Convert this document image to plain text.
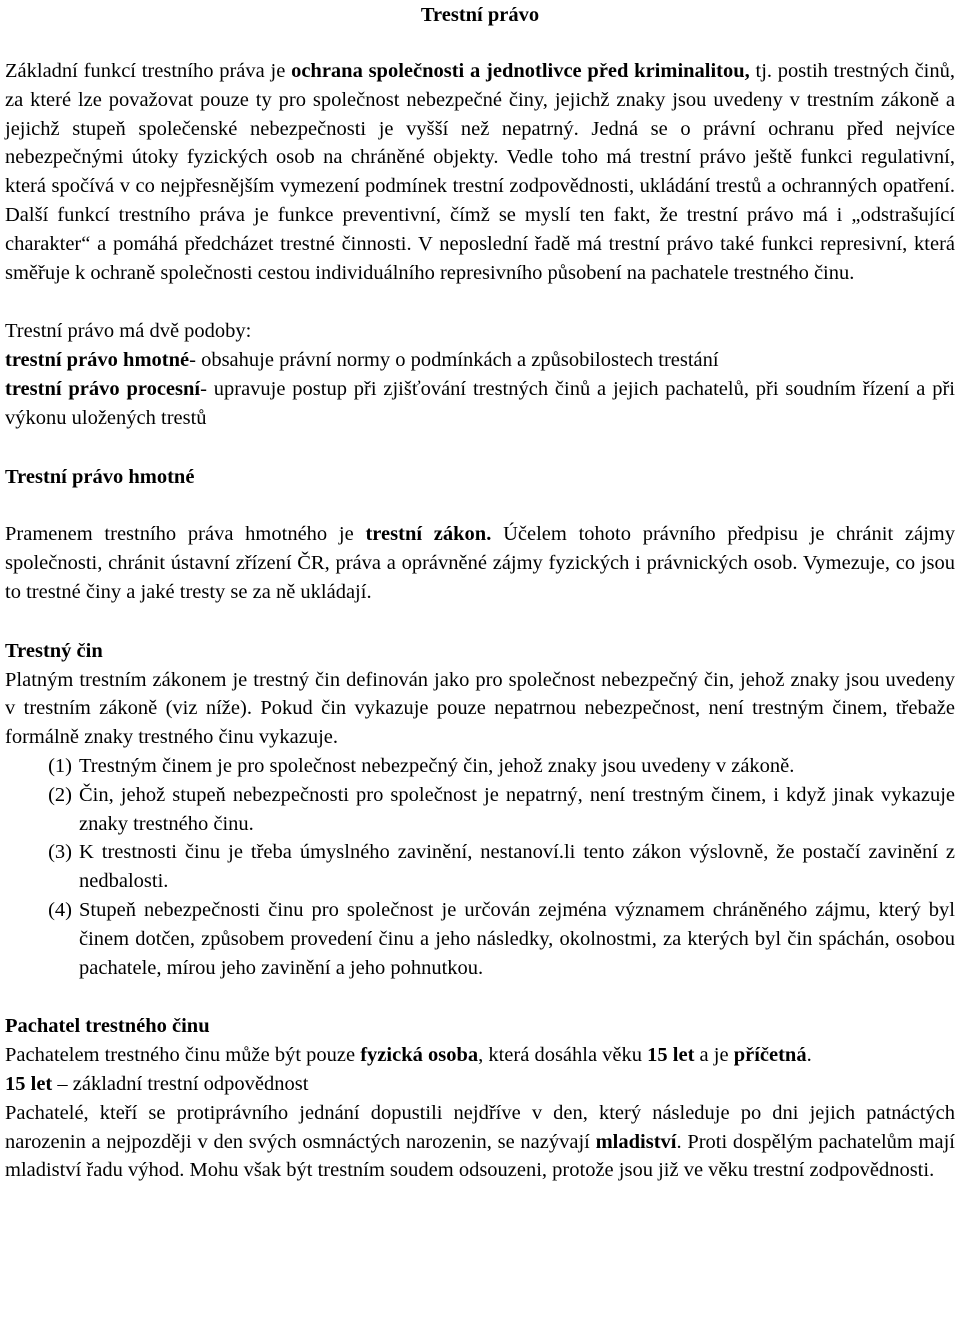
Trestní právo

Základní funkcí trestního práva je ochrana společnosti a jednotlivce před kriminalitou, tj. postih trestných činů, za které lze považovat pouze ty pro společnost nebezpečné činy, jejichž znaky jsou uvedeny v trestním zákoně a jejichž stupeň společenské nebezpečnosti je vyšší než nepatrný. Jedná se o právní ochranu před nejvíce nebezpečnými útoky fyzických osob na chráněné objekty. Vedle toho má trestní právo ještě funkci regulativní, která spočívá v co nejpřesnějším vymezení podmínek trestní zodpovědnosti, ukládání trestů a ochranných opatření. Další funkcí trestního práva je funkce preventivní, čímž se myslí ten fakt, že trestní právo má i „odstrašující charakter“ a pomáhá předcházet trestné činnosti. V neposlední řadě má trestní právo také funkci represivní, která směřuje k ochraně společnosti cestou individuálního represivního působení na pachatele trestného činu.

Trestní právo má dvě podoby:

trestní právo hmotné- obsahuje právní normy o podmínkách a způsobilostech trestání

trestní právo procesní- upravuje postup při zjišťování trestných činů a jejich pachatelů, při soudním řízení a při výkonu uložených trestů

Trestní právo hmotné

Pramenem trestního práva hmotného je trestní zákon. Účelem tohoto právního předpisu je chránit zájmy společnosti, chránit ústavní zřízení ČR, práva a oprávněné zájmy fyzických i právnických osob. Vymezuje, co jsou to trestné činy a jaké tresty se za ně ukládají.

Trestný čin

Platným trestním zákonem je trestný čin definován jako pro společnost nebezpečný čin, jehož znaky jsou uvedeny v trestním zákoně (viz níže). Pokud čin vykazuje pouze nepatrnou nebezpečnost, není trestným činem, třebaže formálně znaky trestného činu vykazuje.

(1) Trestným činem je pro společnost nebezpečný čin, jehož znaky jsou uvedeny v zákoně.
(2) Čin, jehož stupeň nebezpečnosti pro společnost je nepatrný, není trestným činem, i když jinak vykazuje znaky trestného činu.
(3) K trestnosti činu je třeba úmyslného zavinění, nestanoví.li tento zákon výslovně, že postačí zavinění z nedbalosti.
(4) Stupeň nebezpečnosti činu pro společnost je určován zejména významem chráněného zájmu, který byl činem dotčen, způsobem provedení činu a jeho následky, okolnostmi, za kterých byl čin spáchán, osobou pachatele, mírou jeho zavinění a jeho pohnutkou.
Pachatel trestného činu

Pachatelem trestného činu může být pouze fyzická osoba, která dosáhla věku 15 let a je příčetná.

15 let – základní trestní odpovědnost

Pachatelé, kteří se protiprávního jednání dopustili nejdříve v den, který následuje po dni jejich patnáctých narozenin a nejpozději v den svých osmnáctých narozenin, se nazývají mladiství. Proti dospělým pachatelům mají mladiství řadu výhod. Mohu však být trestním soudem odsouzeni, protože jsou již ve věku trestní zodpovědnosti.
